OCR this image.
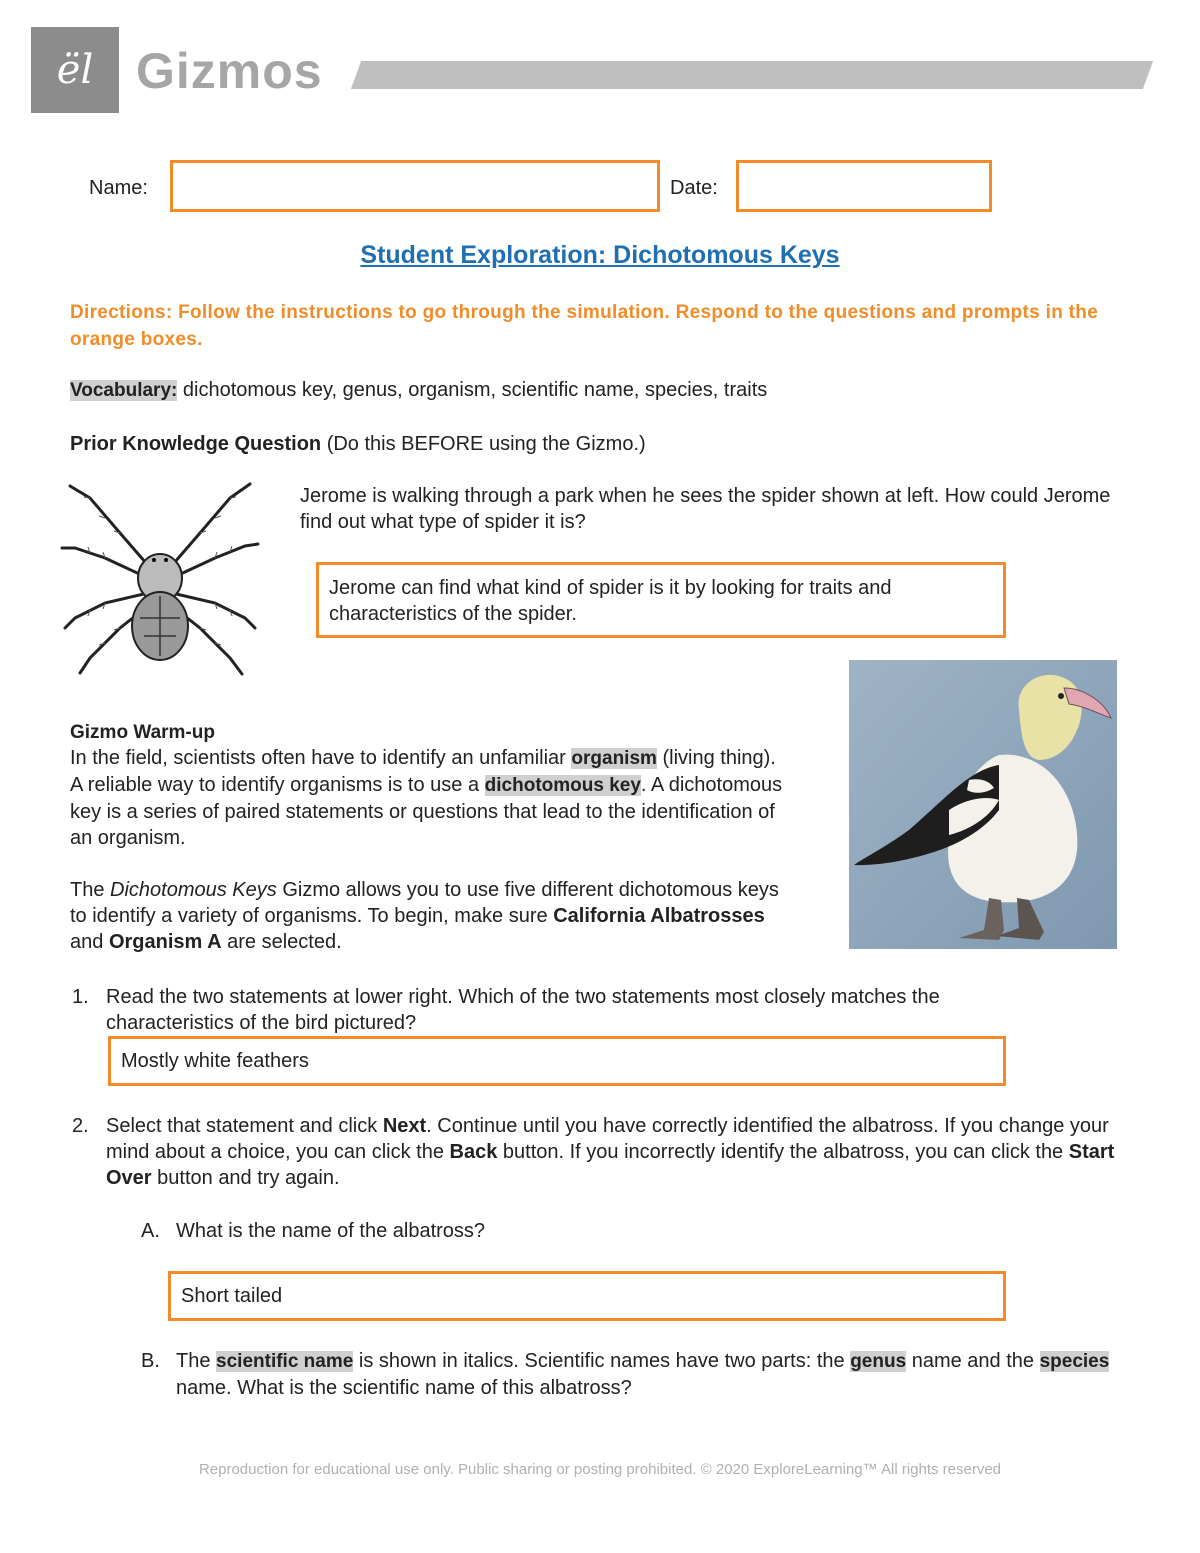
ël Gizmos
Name:	Date:
Student Exploration: Dichotomous Keys
Directions: Follow the instructions to go through the simulation. Respond to the questions and prompts in the orange boxes.
Vocabulary: dichotomous key, genus, organism, scientific name, species, traits
Prior Knowledge Question (Do this BEFORE using the Gizmo.)
Jerome is walking through a park when he sees the spider shown at left. How could Jerome find out what type of spider it is?
Jerome can find what kind of spider is it by looking for traits and characteristics of the spider.
Gizmo Warm-up
In the field, scientists often have to identify an unfamiliar organism (living thing). A reliable way to identify organisms is to use a dichotomous key. A dichotomous key is a series of paired statements or questions that lead to the identification of an organism.
The Dichotomous Keys Gizmo allows you to use five different dichotomous keys to identify a variety of organisms. To begin, make sure California Albatrosses and Organism A are selected.
1. Read the two statements at lower right. Which of the two statements most closely matches the characteristics of the bird pictured?
Mostly white feathers
2. Select that statement and click Next. Continue until you have correctly identified the albatross. If you change your mind about a choice, you can click the Back button. If you incorrectly identify the albatross, you can click the Start Over button and try again.
A. What is the name of the albatross?
Short tailed
B. The scientific name is shown in italics. Scientific names have two parts: the genus name and the species name. What is the scientific name of this albatross?
Reproduction for educational use only. Public sharing or posting prohibited. © 2020 ExploreLearning™ All rights reserved
